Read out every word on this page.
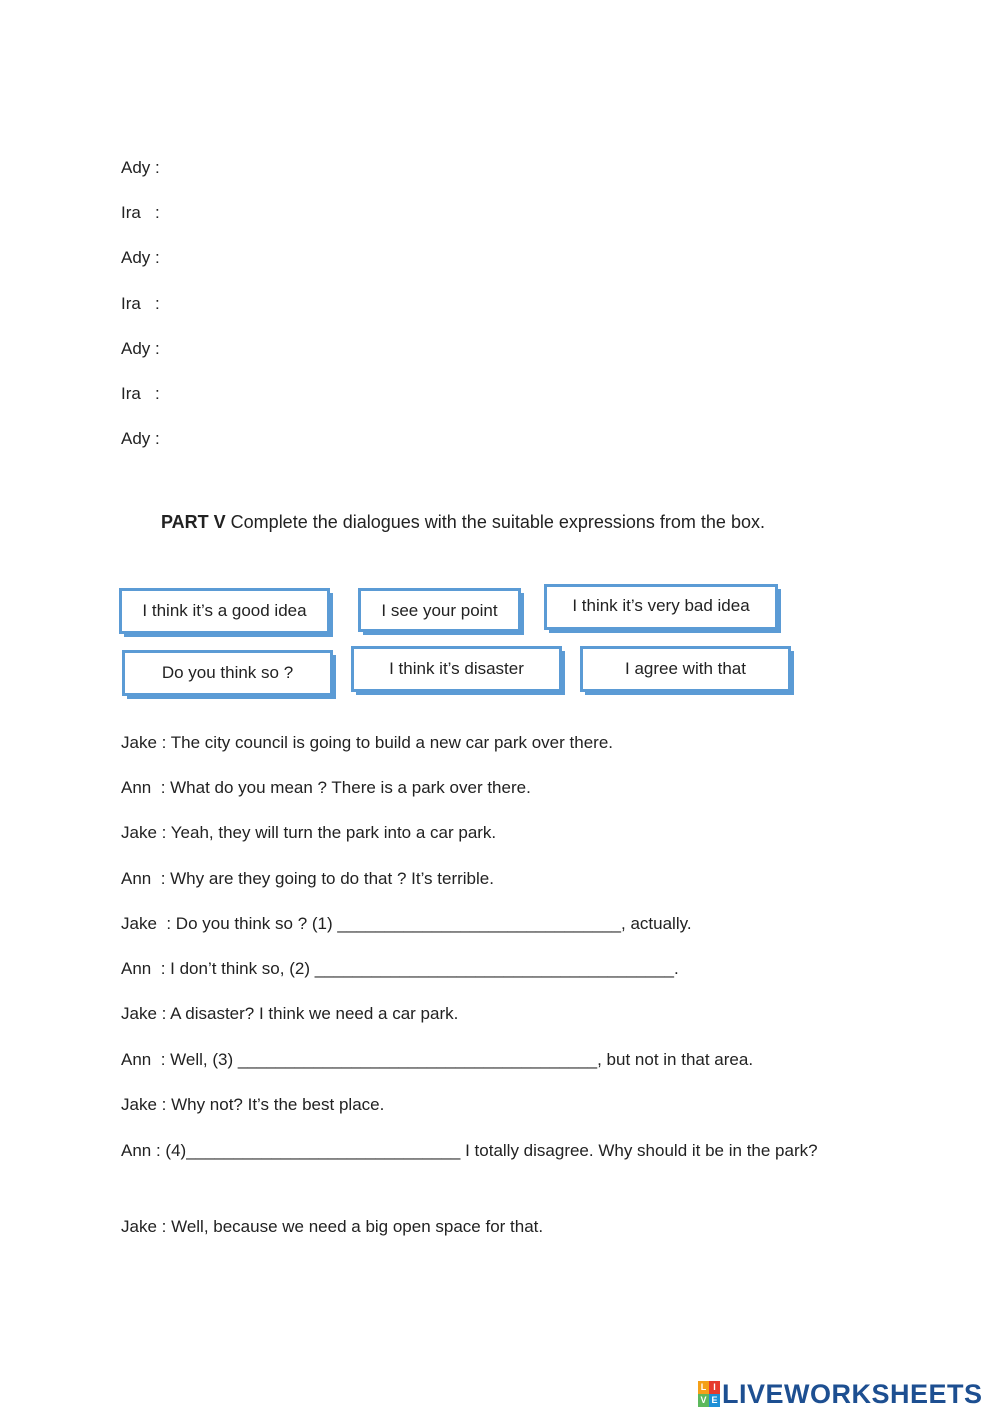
Ady :
Ira   :
Ady :
Ira   :
Ady :
Ira   :
Ady :
PART V Complete the dialogues with the suitable expressions from the box.
I think it’s a good idea	I see your point	I think it’s very bad idea
Do you think so ?	I think it’s disaster	I agree with that
Jake : The city council is going to build a new car park over there.
Ann  : What do you mean ? There is a park over there.
Jake : Yeah, they will turn the park into a car park.
Ann  : Why are they going to do that ? It’s terrible.
Jake  : Do you think so ? (1) ______________________________, actually.
Ann  : I don’t think so, (2) ______________________________________.
Jake : A disaster? I think we need a car park.
Ann  : Well, (3) ______________________________________, but not in that area.
Jake : Why not? It’s the best place.
Ann : (4)_____________________________ I totally disagree. Why should it be in the park?
Jake : Well, because we need a big open space for that.
L I
V E LIVEWORKSHEETS
